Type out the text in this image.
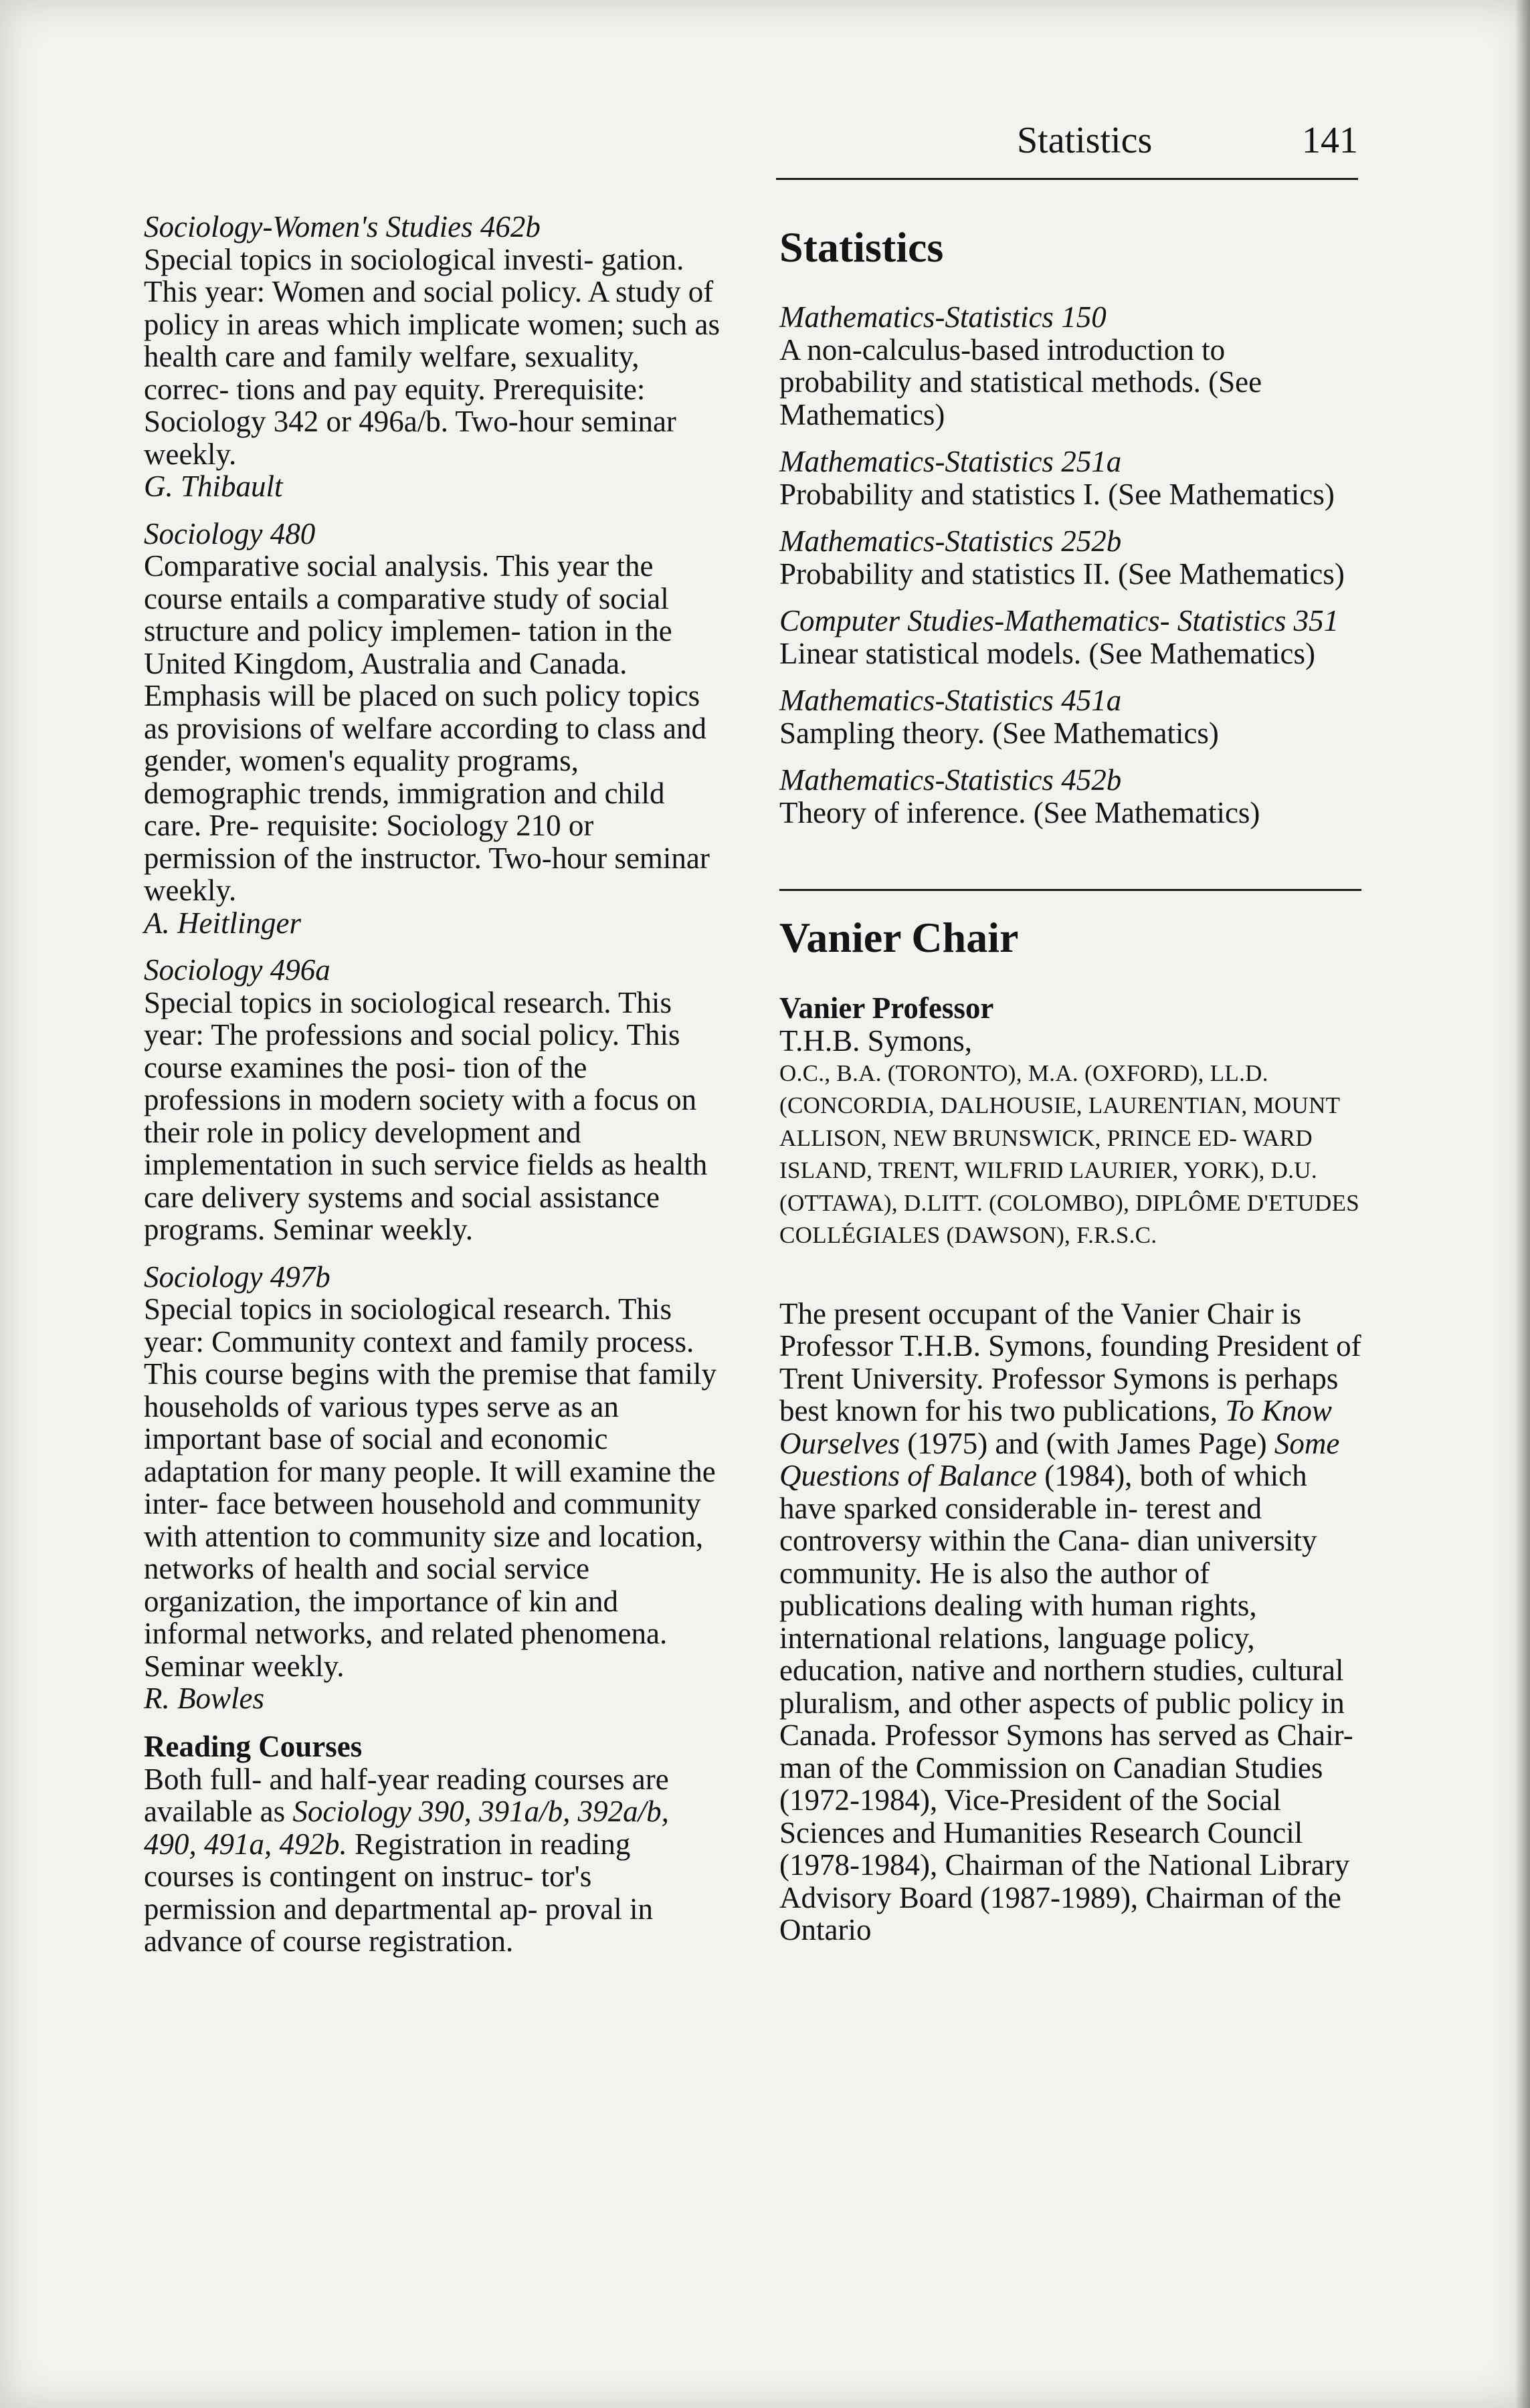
Statistics	141
Sociology-Women's Studies 462b
Special topics in sociological investi- gation. This year: Women and social policy. A study of policy in areas which implicate women; such as health care and family welfare, sexuality, correc- tions and pay equity. Prerequisite: Sociology 342 or 496a/b. Two-hour seminar weekly.
G. Thibault
Sociology 480
Comparative social analysis. This year the course entails a comparative study of social structure and policy implemen- tation in the United Kingdom, Australia and Canada. Emphasis will be placed on such policy topics as provisions of welfare according to class and gender, women's equality programs, demographic trends, immigration and child care. Pre- requisite: Sociology 210 or permission of the instructor. Two-hour seminar weekly.
A. Heitlinger
Sociology 496a
Special topics in sociological research. This year: The professions and social policy. This course examines the posi- tion of the professions in modern society with a focus on their role in policy development and implementation in such service fields as health care delivery systems and social assistance programs. Seminar weekly.
Sociology 497b
Special topics in sociological research. This year: Community context and family process. This course begins with the premise that family households of various types serve as an important base of social and economic adaptation for many people. It will examine the inter- face between household and community with attention to community size and location, networks of health and social service organization, the importance of kin and informal networks, and related phenomena. Seminar weekly.
R. Bowles
Reading Courses
Both full- and half-year reading courses are available as Sociology 390, 391a/b, 392a/b, 490, 491a, 492b. Registration in reading courses is contingent on instruc- tor's permission and departmental ap- proval in advance of course registration.
Statistics
Mathematics-Statistics 150
A non-calculus-based introduction to probability and statistical methods. (See Mathematics)
Mathematics-Statistics 251a
Probability and statistics I. (See Mathematics)
Mathematics-Statistics 252b
Probability and statistics II. (See Mathematics)
Computer Studies-Mathematics- Statistics 351
Linear statistical models. (See Mathematics)
Mathematics-Statistics 451a
Sampling theory. (See Mathematics)
Mathematics-Statistics 452b
Theory of inference. (See Mathematics)
Vanier Chair
Vanier Professor
T.H.B. Symons,
O.C., B.A. (TORONTO), M.A. (OXFORD), LL.D. (CONCORDIA, DALHOUSIE, LAURENTIAN, MOUNT ALLISON, NEW BRUNSWICK, PRINCE ED- WARD ISLAND, TRENT, WILFRID LAURIER, YORK), D.U. (OTTAWA), D.LITT. (COLOMBO), DIPLÔME D'ETUDES COLLÉGIALES (DAWSON), F.R.S.C.
The present occupant of the Vanier Chair is Professor T.H.B. Symons, founding President of Trent University. Professor Symons is perhaps best known for his two publications, To Know Ourselves (1975) and (with James Page) Some Questions of Balance (1984), both of which have sparked considerable in- terest and controversy within the Cana- dian university community. He is also the author of publications dealing with human rights, international relations, language policy, education, native and northern studies, cultural pluralism, and other aspects of public policy in Canada. Professor Symons has served as Chair- man of the Commission on Canadian Studies (1972-1984), Vice-President of the Social Sciences and Humanities Research Council (1978-1984), Chairman of the National Library Advisory Board (1987-1989), Chairman of the Ontario
